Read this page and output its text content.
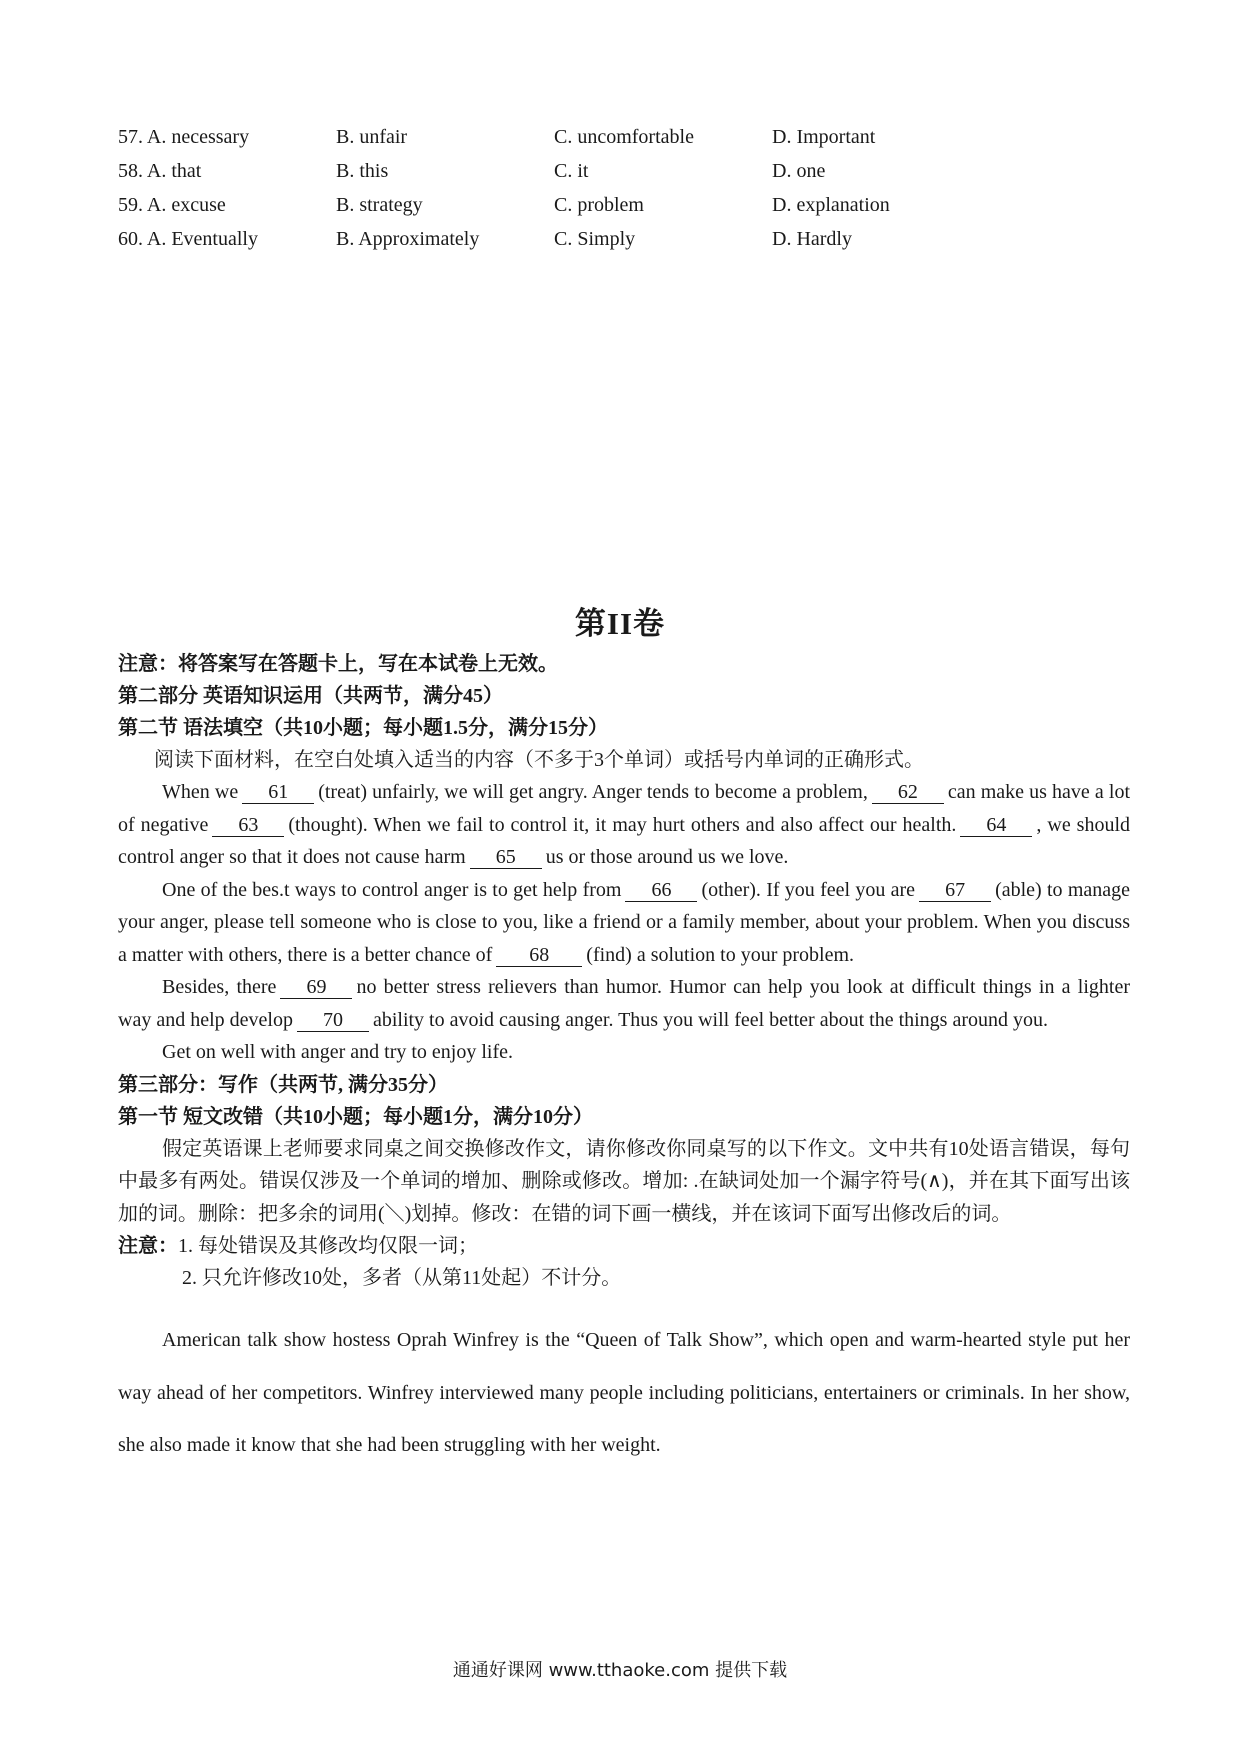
57. A. necessary	B. unfair	C. uncomfortable	D. Important
58. A. that	B. this	C. it	D. one
59. A. excuse	B. strategy	C. problem	D. explanation
60. A. Eventually	B. Approximately	C. Simply	D. Hardly
第II卷
注意：将答案写在答题卡上，写在本试卷上无效。
第二部分 英语知识运用（共两节，满分45）
第二节 语法填空（共10小题；每小题1.5分，满分15分）
阅读下面材料，在空白处填入适当的内容（不多于3个单词）或括号内单词的正确形式。

When we 61 (treat) unfairly, we will get angry. Anger tends to become a problem, 62 can make us have a lot of negative 63 (thought). When we fail to control it, it may hurt others and also affect our health. 64 , we should control anger so that it does not cause harm 65 us or those around us we love.

One of the bes.t ways to control anger is to get help from 66 (other). If you feel you are 67 (able) to manage your anger, please tell someone who is close to you, like a friend or a family member, about your problem. When you discuss a matter with others, there is a better chance of 68 (find) a solution to your problem.

Besides, there 69 no better stress relievers than humor. Humor can help you look at difficult things in a lighter way and help develop 70 ability to avoid causing anger. Thus you will feel better about the things around you.

Get on well with anger and try to enjoy life.

第三部分：写作（共两节, 满分35分）
第一节 短文改错（共10小题；每小题1分，满分10分）

假定英语课上老师要求同桌之间交换修改作文，请你修改你同桌写的以下作文。文中共有10处语言错误，每句中最多有两处。错误仅涉及一个单词的增加、删除或修改。增加: .在缺词处加一个漏字符号(∧)，并在其下面写出该加的词。删除：把多余的词用(＼)划掉。修改：在错的词下画一横线，并在该词下面写出修改后的词。

注意：1. 每处错误及其修改均仅限一词；
2. 只允许修改10处，多者（从第11处起）不计分。

American talk show hostess Oprah Winfrey is the “Queen of Talk Show”, which open and warm-hearted style put her way ahead of her competitors. Winfrey interviewed many people including politicians, entertainers or criminals. In her show, she also made it know that she had been struggling with her weight.

通通好课网 www.tthaoke.com 提供下载
